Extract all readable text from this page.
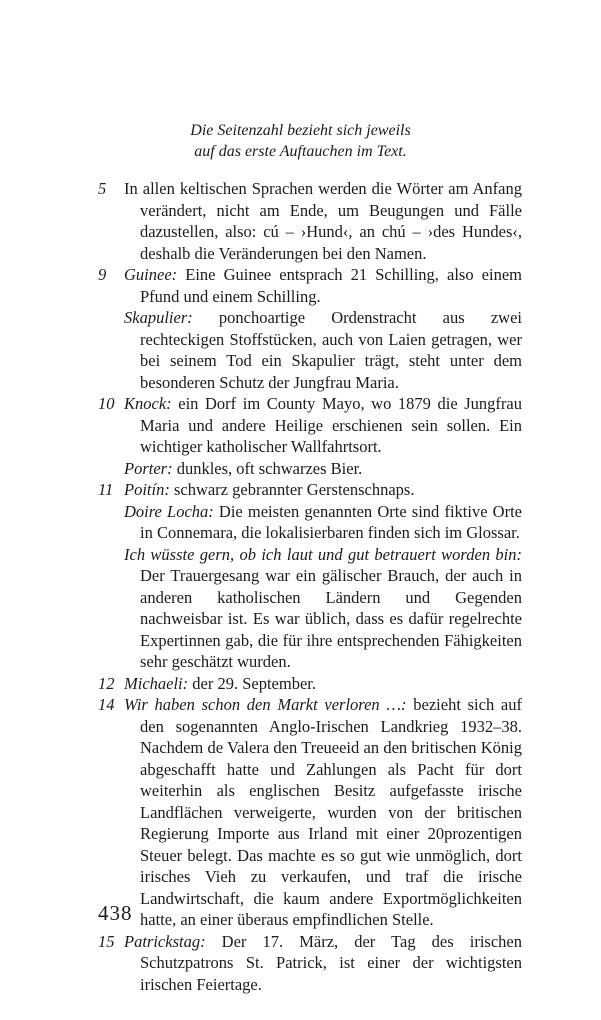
Die Seitenzahl bezieht sich jeweils
auf das erste Auftauchen im Text.
5 In allen keltischen Sprachen werden die Wörter am Anfang verändert, nicht am Ende, um Beugungen und Fälle dazustellen, also: cú – ›Hund‹, an chú – ›des Hundes‹, deshalb die Veränderungen bei den Namen.
9 Guinee: Eine Guinee entsprach 21 Schilling, also einem Pfund und einem Schilling.
Skapulier: ponchoartige Ordenstracht aus zwei rechteckigen Stoffstücken, auch von Laien getragen, wer bei seinem Tod ein Skapulier trägt, steht unter dem besonderen Schutz der Jungfrau Maria.
10 Knock: ein Dorf im County Mayo, wo 1879 die Jungfrau Maria und andere Heilige erschienen sein sollen. Ein wichtiger katholischer Wallfahrtsort.
Porter: dunkles, oft schwarzes Bier.
11 Poitín: schwarz gebrannter Gerstenschnaps.
Doire Locha: Die meisten genannten Orte sind fiktive Orte in Connemara, die lokalisierbaren finden sich im Glossar.
Ich wüsste gern, ob ich laut und gut betrauert worden bin: Der Trauergesang war ein gälischer Brauch, der auch in anderen katholischen Ländern und Gegenden nachweisbar ist. Es war üblich, dass es dafür regelrechte Expertinnen gab, die für ihre entsprechenden Fähigkeiten sehr geschätzt wurden.
12 Michaeli: der 29. September.
14 Wir haben schon den Markt verloren …: bezieht sich auf den sogenannten Anglo-Irischen Landkrieg 1932–38. Nachdem de Valera den Treueeid an den britischen König abgeschafft hatte und Zahlungen als Pacht für dort weiterhin als englischen Besitz aufgefasste irische Landflächen verweigerte, wurden von der britischen Regierung Importe aus Irland mit einer 20prozentigen Steuer belegt. Das machte es so gut wie unmöglich, dort irisches Vieh zu verkaufen, und traf die irische Landwirtschaft, die kaum andere Exportmöglichkeiten hatte, an einer überaus empfindlichen Stelle.
15 Patrickstag: Der 17. März, der Tag des irischen Schutzpatrons St. Patrick, ist einer der wichtigsten irischen Feiertage.
438
